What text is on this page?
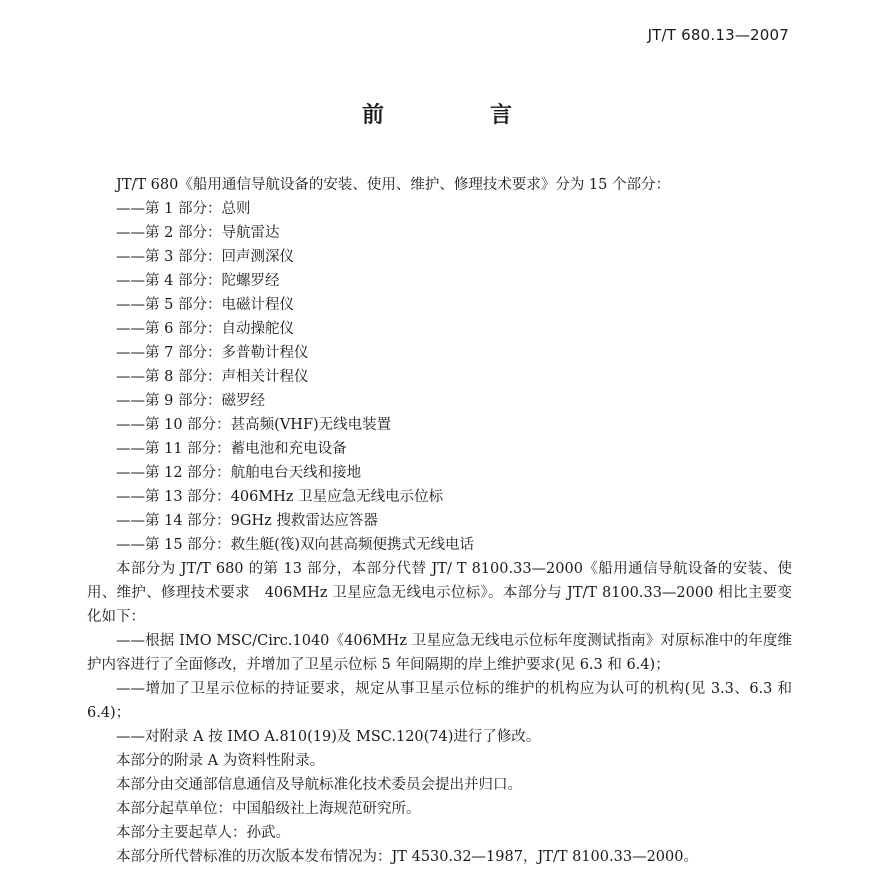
JT/T 680.13—2007
前　言

JT/T 680《船用通信导航设备的安装、使用、维护、修理技术要求》分为 15 个部分：

——第 1 部分：总则

——第 2 部分：导航雷达

——第 3 部分：回声测深仪

——第 4 部分：陀螺罗经

——第 5 部分：电磁计程仪

——第 6 部分：自动操舵仪

——第 7 部分：多普勒计程仪

——第 8 部分：声相关计程仪

——第 9 部分：磁罗经

——第 10 部分：甚高频(VHF)无线电装置

——第 11 部分：蓄电池和充电设备

——第 12 部分：航舶电台天线和接地

——第 13 部分：406MHz 卫星应急无线电示位标

——第 14 部分：9GHz 搜救雷达应答器

——第 15 部分：救生艇(筏)双向甚高频便携式无线电话

本部分为 JT/T 680 的第 13 部分，本部分代替 JT/ T 8100.33—2000《船用通信导航设备的安装、使用、维护、修理技术要求　406MHz 卫星应急无线电示位标》。本部分与 JT/T 8100.33—2000 相比主要变化如下：

——根据 IMO MSC/Circ.1040《406MHz 卫星应急无线电示位标年度测试指南》对原标准中的年度维护内容进行了全面修改，并增加了卫星示位标 5 年间隔期的岸上维护要求(见 6.3 和 6.4)；

——增加了卫星示位标的持证要求，规定从事卫星示位标的维护的机构应为认可的机构(见 3.3、6.3 和 6.4)；

——对附录 A 按 IMO A.810(19)及 MSC.120(74)进行了修改。

本部分的附录 A 为资料性附录。

本部分由交通部信息通信及导航标准化技术委员会提出并归口。

本部分起草单位：中国船级社上海规范研究所。

本部分主要起草人：孙武。

本部分所代替标准的历次版本发布情况为：JT 4530.32—1987，JT/T 8100.33—2000。
